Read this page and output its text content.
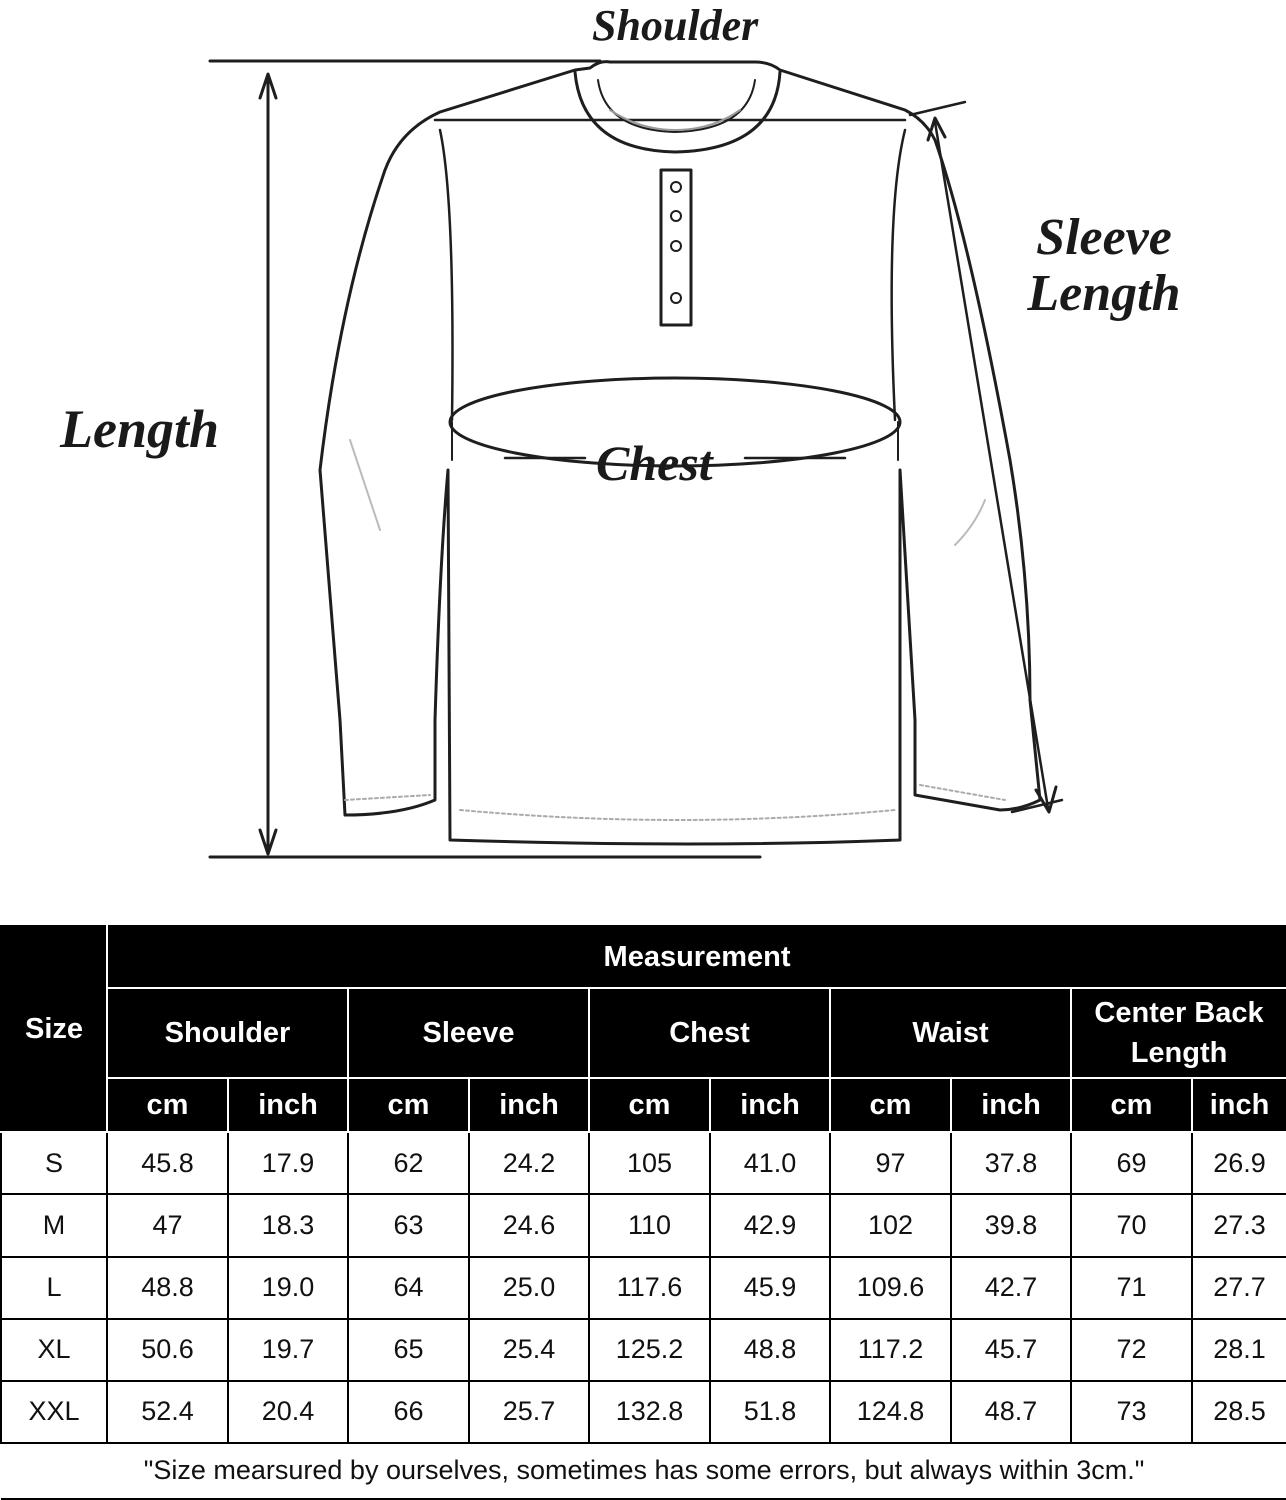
Shoulder
Sleeve
Length
Length
Chest
Size	Measurement									
	Shoulder		Sleeve		Chest		Waist		Center Back Length	
	cm	inch	cm	inch	cm	inch	cm	inch	cm	inch
S	45.8	17.9	62	24.2	105	41.0	97	37.8	69	26.9
M	47	18.3	63	24.6	110	42.9	102	39.8	70	27.3
L	48.8	19.0	64	25.0	117.6	45.9	109.6	42.7	71	27.7
XL	50.6	19.7	65	25.4	125.2	48.8	117.2	45.7	72	28.1
XXL	52.4	20.4	66	25.7	132.8	51.8	124.8	48.7	73	28.5
"Size mearsured by ourselves, sometimes has some errors, but always within 3cm."										
